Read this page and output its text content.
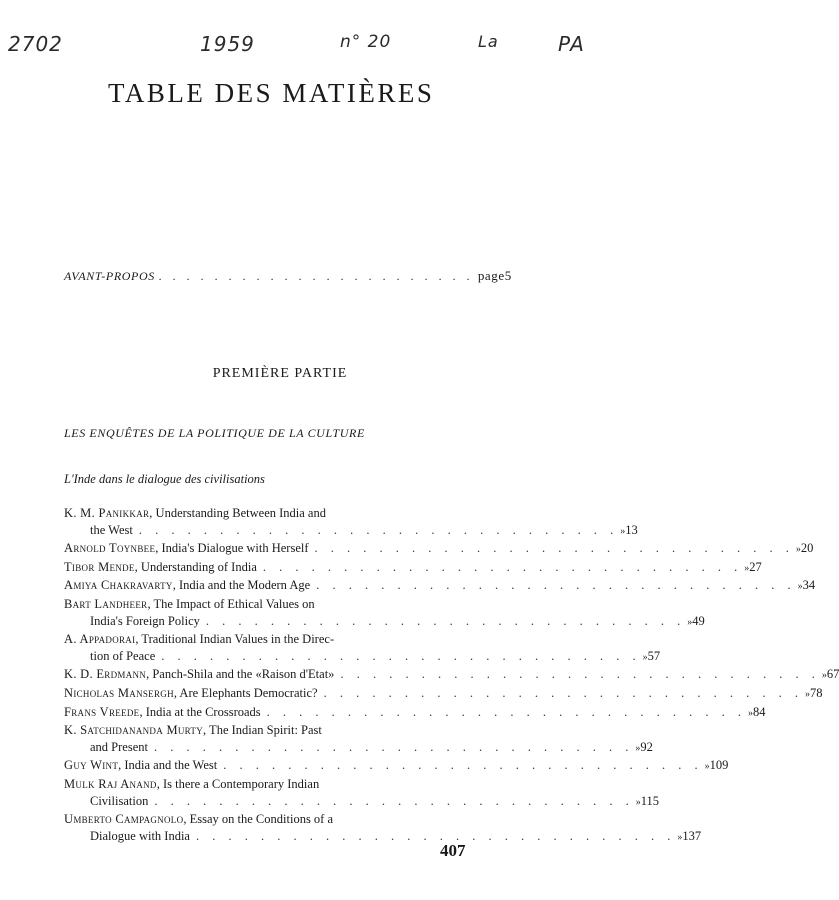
2702	1959	n° 20	La	PA
TABLE DES MATIÈRES
AVANT-PROPOS . . . . . . . . . . . . . . . . . . . . . . . page 5
PREMIÈRE PARTIE
LES ENQUÊTES DE LA POLITIQUE DE LA CULTURE
L'Inde dans le dialogue des civilisations
K. M. Panikkar, Understanding Between India and
the West . . . . . . . . . . . . . . . . . . . . . . . . . . . . . . » 13
Arnold Toynbee, India's Dialogue with Herself . . . . . . . . . . . . . . . . . . . . . . . . . . . . . . » 20
Tibor Mende, Understanding of India . . . . . . . . . . . . . . . . . . . . . . . . . . . . . . » 27
Amiya Chakravarty, India and the Modern Age . . . . . . . . . . . . . . . . . . . . . . . . . . . . . . » 34
Bart Landheer, The Impact of Ethical Values on
India's Foreign Policy . . . . . . . . . . . . . . . . . . . . . . . . . . . . . . » 49
A. Appadorai, Traditional Indian Values in the Direc-
tion of Peace . . . . . . . . . . . . . . . . . . . . . . . . . . . . . . » 57
K. D. Erdmann, Panch-Shila and the «Raison d'Etat» . . . . . . . . . . . . . . . . . . . . . . . . . . . . . . » 67
Nicholas Mansergh, Are Elephants Democratic? . . . . . . . . . . . . . . . . . . . . . . . . . . . . . . » 78
Frans Vreede, India at the Crossroads . . . . . . . . . . . . . . . . . . . . . . . . . . . . . . » 84
K. Satchidananda Murty, The Indian Spirit: Past
and Present . . . . . . . . . . . . . . . . . . . . . . . . . . . . . . » 92
Guy Wint, India and the West . . . . . . . . . . . . . . . . . . . . . . . . . . . . . . » 109
Mulk Raj Anand, Is there a Contemporary Indian
Civilisation . . . . . . . . . . . . . . . . . . . . . . . . . . . . . . » 115
Umberto Campagnolo, Essay on the Conditions of a
Dialogue with India . . . . . . . . . . . . . . . . . . . . . . . . . . . . . . » 137
407
